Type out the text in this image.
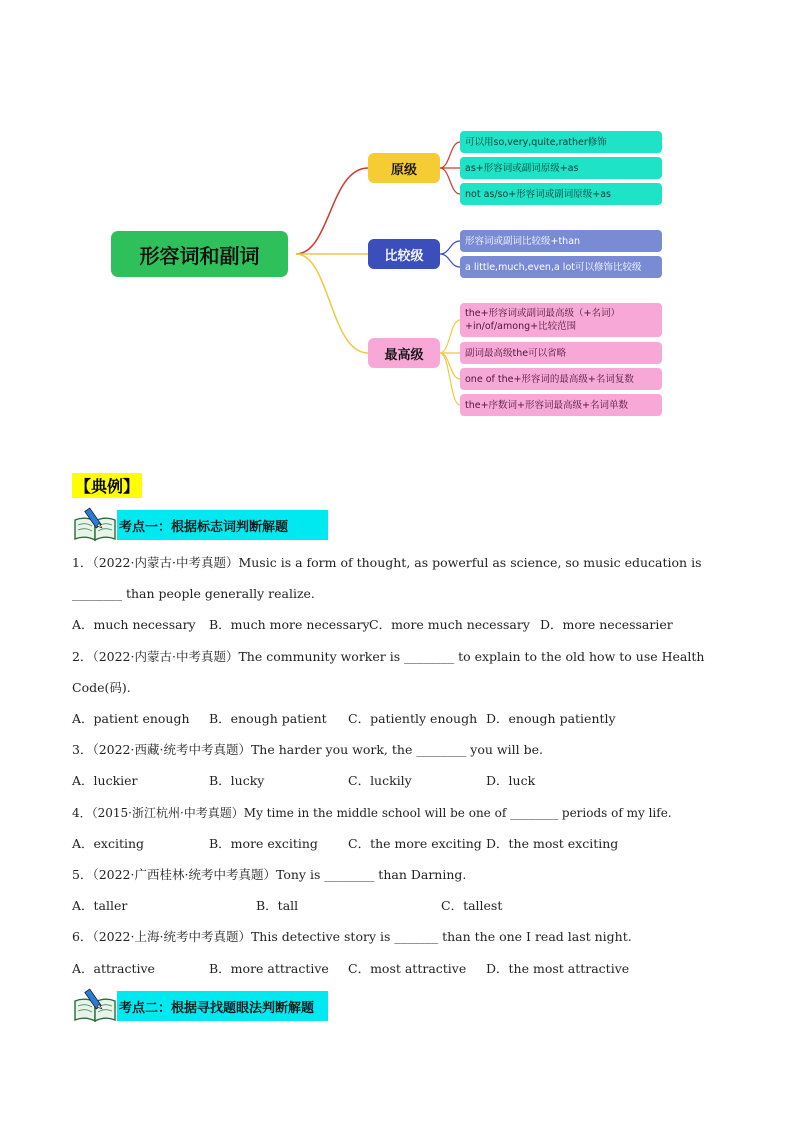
形容词和副词
原级
比较级
最高级
可以用so,very,quite,rather修饰
as+形容词或副词原级+as
not as/so+形容词或副词原级+as
形容词或副词比较级+than
a little,much,even,a lot可以修饰比较级
the+形容词或副词最高级（+名词）
+in/of/among+比较范围
副词最高级the可以省略
one of the+形容词的最高级+名词复数
the+序数词+形容词最高级+名词单数
【典例】
考点一：根据标志词判断解题
1．（2022·内蒙古·中考真题）Music is a form of thought, as powerful as science, so music education is
________ than people generally realize.
A．much necessary B．much more necessary C．more much necessary D．more necessarier
2．（2022·内蒙古·中考真题）The community worker is ________ to explain to the old how to use Health
Code(码).
A．patient enough B．enough patient C．patiently enough D．enough patiently
3．（2022·西藏·统考中考真题）The harder you work, the ________ you will be.
A．luckier	B．lucky	C．luckily	D．luck
4．（2015·浙江杭州·中考真题）My time in the middle school will be one of ________ periods of my life.
A．exciting	B．more exciting C．the more exciting D．the most exciting
5．（2022·广西桂林·统考中考真题）Tony is ________ than Darning.
A．taller	B．tall	C．tallest
6．（2022·上海·统考中考真题）This detective story is _______ than the one I read last night.
A．attractive	B．more attractive C．most attractive D．the most attractive
考点二：根据寻找题眼法判断解题
